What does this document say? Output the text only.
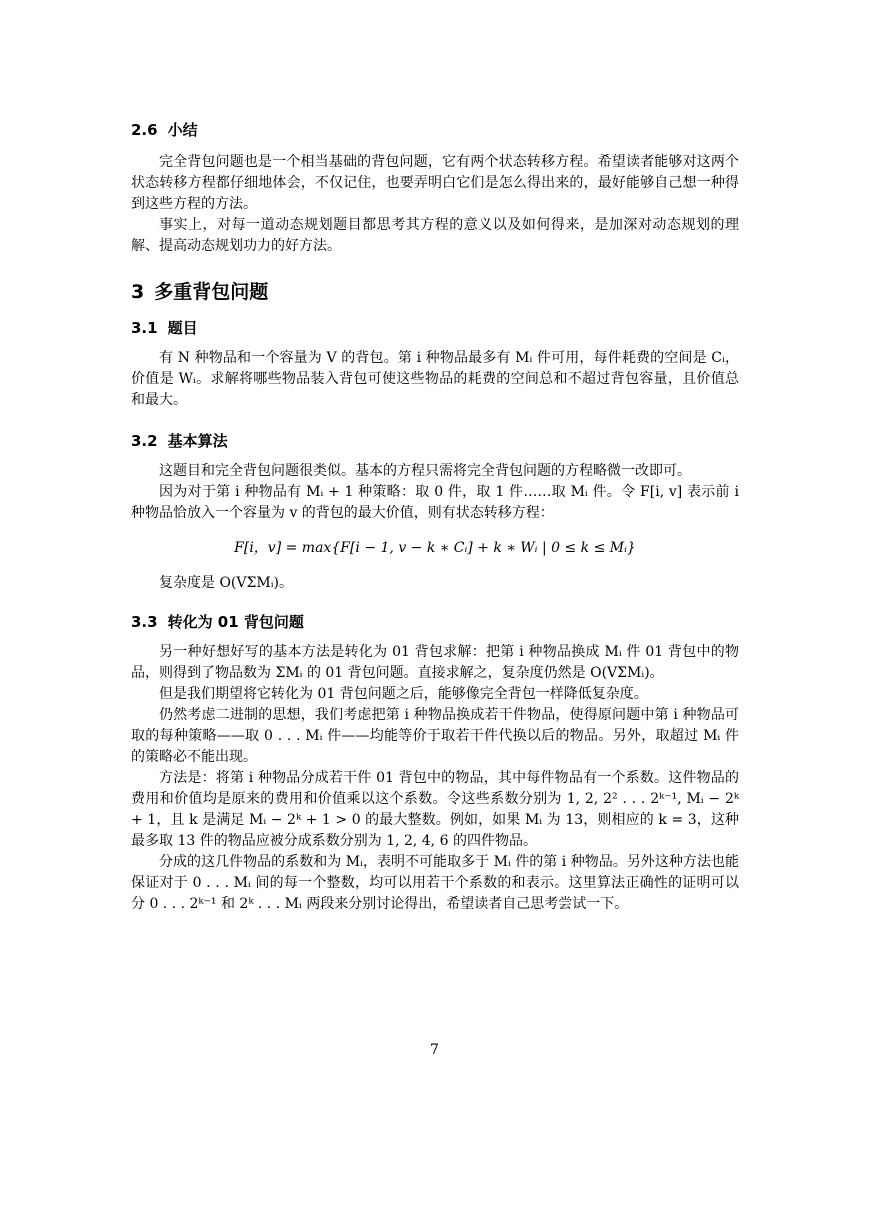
2.6 小结

完全背包问题也是一个相当基础的背包问题，它有两个状态转移方程。希望读者能够对这两个状态转移方程都仔细地体会，不仅记住，也要弄明白它们是怎么得出来的，最好能够自己想一种得到这些方程的方法。

事实上，对每一道动态规划题目都思考其方程的意义以及如何得来，是加深对动态规划的理解、提高动态规划功力的好方法。

3 多重背包问题
3.1 题目

有 N 种物品和一个容量为 V 的背包。第 i 种物品最多有 Mᵢ 件可用，每件耗费的空间是 Cᵢ，价值是 Wᵢ。求解将哪些物品装入背包可使这些物品的耗费的空间总和不超过背包容量，且价值总和最大。

3.2 基本算法

这题目和完全背包问题很类似。基本的方程只需将完全背包问题的方程略微一改即可。

因为对于第 i 种物品有 Mᵢ + 1 种策略：取 0 件，取 1 件……取 Mᵢ 件。令 F[i, v] 表示前 i 种物品恰放入一个容量为 v 的背包的最大价值，则有状态转移方程：

F[i，v] = max{F[i − 1, v − k ∗ Cᵢ] + k ∗ Wᵢ | 0 ≤ k ≤ Mᵢ}

复杂度是 O(VΣMᵢ)。

3.3 转化为 01 背包问题

另一种好想好写的基本方法是转化为 01 背包求解：把第 i 种物品换成 Mᵢ 件 01 背包中的物品，则得到了物品数为 ΣMᵢ 的 01 背包问题。直接求解之，复杂度仍然是 O(VΣMᵢ)。

但是我们期望将它转化为 01 背包问题之后，能够像完全背包一样降低复杂度。

仍然考虑二进制的思想，我们考虑把第 i 种物品换成若干件物品，使得原问题中第 i 种物品可取的每种策略——取 0 . . . Mᵢ 件——均能等价于取若干件代换以后的物品。另外，取超过 Mᵢ 件的策略必不能出现。

方法是：将第 i 种物品分成若干件 01 背包中的物品，其中每件物品有一个系数。这件物品的费用和价值均是原来的费用和价值乘以这个系数。令这些系数分别为 1, 2, 2² . . . 2ᵏ⁻¹, Mᵢ − 2ᵏ + 1，且 k 是满足 Mᵢ − 2ᵏ + 1 > 0 的最大整数。例如，如果 Mᵢ 为 13，则相应的 k = 3，这种最多取 13 件的物品应被分成系数分别为 1, 2, 4, 6 的四件物品。

分成的这几件物品的系数和为 Mᵢ，表明不可能取多于 Mᵢ 件的第 i 种物品。另外这种方法也能保证对于 0 . . . Mᵢ 间的每一个整数，均可以用若干个系数的和表示。这里算法正确性的证明可以分 0 . . . 2ᵏ⁻¹ 和 2ᵏ . . . Mᵢ 两段来分别讨论得出，希望读者自己思考尝试一下。

7
